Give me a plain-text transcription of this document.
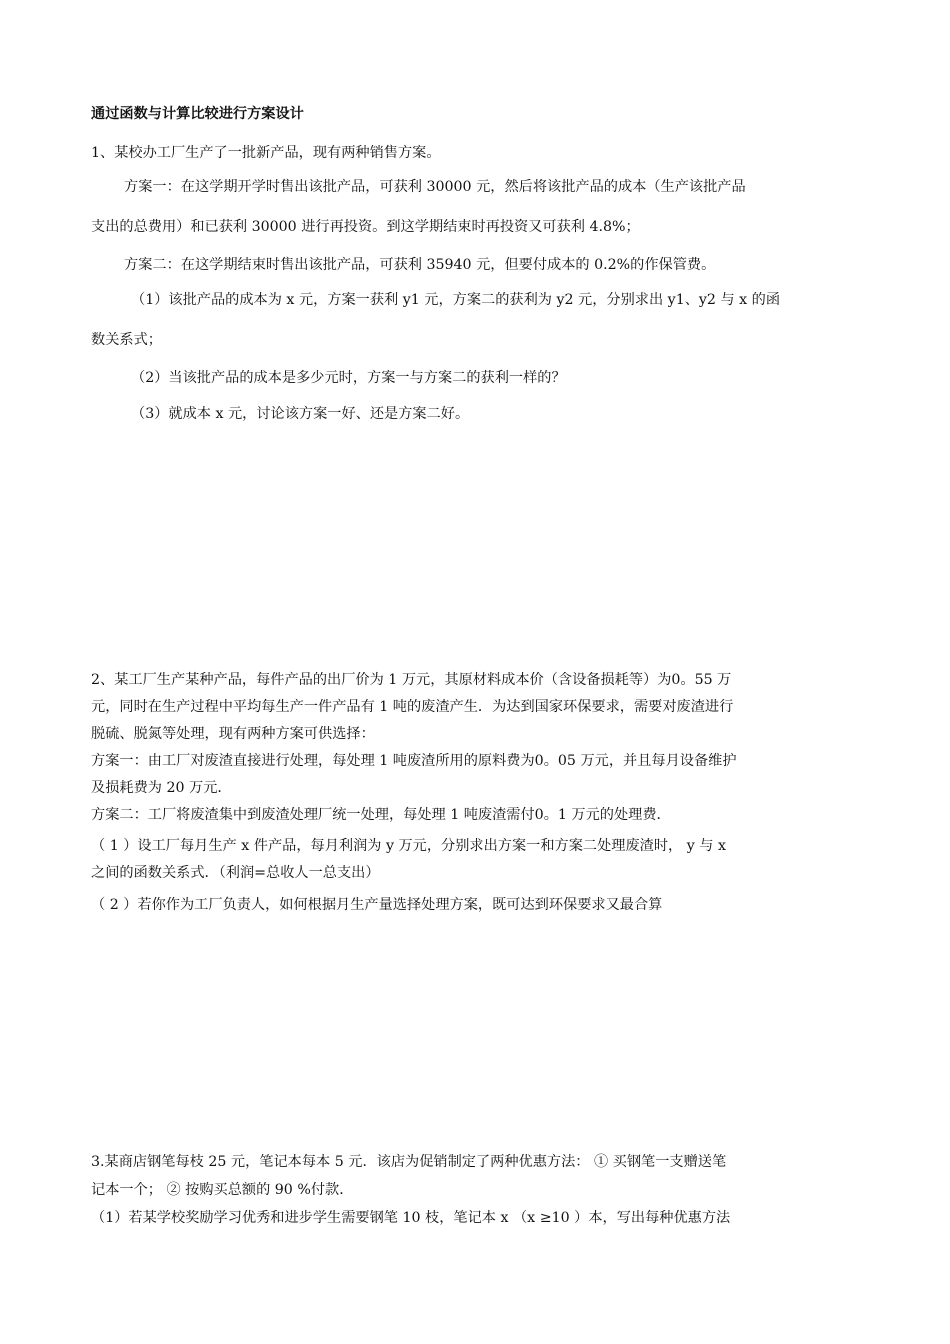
通过函数与计算比较进行方案设计
1、某校办工厂生产了一批新产品，现有两种销售方案。
方案一：在这学期开学时售出该批产品，可获利 30000 元，然后将该批产品的成本（生产该批产品
支出的总费用）和已获利 30000 进行再投资。到这学期结束时再投资又可获利 4.8%；
方案二：在这学期结束时售出该批产品，可获利 35940 元，但要付成本的 0.2%的作保管费。
（1）该批产品的成本为 x 元，方案一获利 y1 元，方案二的获利为 y2 元，分别求出 y1、y2 与 x 的函
数关系式；
（2）当该批产品的成本是多少元时，方案一与方案二的获利一样的？
（3）就成本 x 元，讨论该方案一好、还是方案二好。
2、某工厂生产某种产品，每件产品的出厂价为 1 万元，其原材料成本价（含设备损耗等）为0。55 万
元，同时在生产过程中平均每生产一件产品有 1 吨的废渣产生．为达到国家环保要求，需要对废渣进行
脱硫、脱氮等处理，现有两种方案可供选择：
方案一：由工厂对废渣直接进行处理，每处理 1 吨废渣所用的原料费为0。05 万元，并且每月设备维护
及损耗费为 20 万元．
方案二：工厂将废渣集中到废渣处理厂统一处理，每处理 1 吨废渣需付0。1 万元的处理费．
（ 1 ）设工厂每月生产 x 件产品，每月利润为 y 万元，分别求出方案一和方案二处理废渣时， y 与 x
之间的函数关系式．（利润=总收人一总支出）
（ 2 ）若你作为工厂负责人，如何根据月生产量选择处理方案，既可达到环保要求又最合算
3.某商店钢笔每枝 25 元，笔记本每本 5 元．该店为促销制定了两种优惠方法： ① 买钢笔一支赠送笔
记本一个； ② 按购买总额的 90 %付款．
（1）若某学校奖励学习优秀和进步学生需要钢笔 10 枝，笔记本 x （x ≥10 ）本，写出每种优惠方法
